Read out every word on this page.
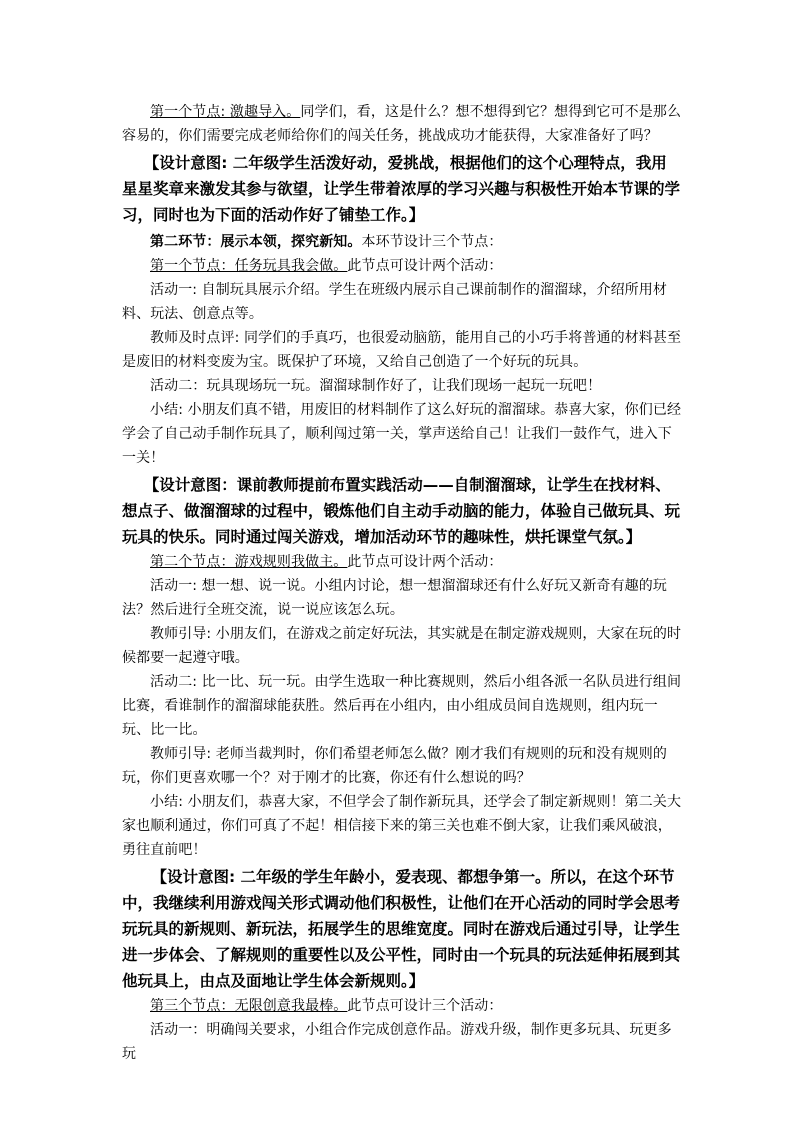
第一个节点: 激趣导入。同学们，看，这是什么？想不想得到它？想得到它可不是那么容易的，你们需要完成老师给你们的闯关任务，挑战成功才能获得，大家准备好了吗？

【设计意图: 二年级学生活泼好动，爱挑战，根据他们的这个心理特点，我用星星奖章来激发其参与欲望，让学生带着浓厚的学习兴趣与积极性开始本节课的学习，同时也为下面的活动作好了铺垫工作。】

第二环节：展示本领，探究新知。本环节设计三个节点：

第一个节点：任务玩具我会做。此节点可设计两个活动：

活动一: 自制玩具展示介绍。学生在班级内展示自己课前制作的溜溜球，介绍所用材料、玩法、创意点等。

教师及时点评: 同学们的手真巧，也很爱动脑筋，能用自己的小巧手将普通的材料甚至是废旧的材料变废为宝。既保护了环境，又给自己创造了一个好玩的玩具。

活动二：玩具现场玩一玩。溜溜球制作好了，让我们现场一起玩一玩吧！

小结: 小朋友们真不错，用废旧的材料制作了这么好玩的溜溜球。恭喜大家，你们已经学会了自己动手制作玩具了，顺利闯过第一关，掌声送给自己！让我们一鼓作气，进入下一关！

【设计意图：课前教师提前布置实践活动——自制溜溜球，让学生在找材料、想点子、做溜溜球的过程中，锻炼他们自主动手动脑的能力，体验自己做玩具、玩玩具的快乐。同时通过闯关游戏，增加活动环节的趣味性，烘托课堂气氛。】

第二个节点：游戏规则我做主。此节点可设计两个活动：

活动一: 想一想、说一说。小组内讨论，想一想溜溜球还有什么好玩又新奇有趣的玩法？然后进行全班交流，说一说应该怎么玩。

教师引导: 小朋友们，在游戏之前定好玩法，其实就是在制定游戏规则，大家在玩的时候都要一起遵守哦。

活动二: 比一比、玩一玩。由学生选取一种比赛规则，然后小组各派一名队员进行组间比赛，看谁制作的溜溜球能获胜。然后再在小组内，由小组成员间自选规则，组内玩一玩、比一比。

教师引导: 老师当裁判时，你们希望老师怎么做？刚才我们有规则的玩和没有规则的玩，你们更喜欢哪一个？对于刚才的比赛，你还有什么想说的吗？

小结: 小朋友们，恭喜大家，不但学会了制作新玩具，还学会了制定新规则！第二关大家也顺利通过，你们可真了不起！相信接下来的第三关也难不倒大家，让我们乘风破浪，勇往直前吧！

【设计意图: 二年级的学生年龄小，爱表现、都想争第一。所以，在这个环节中，我继续利用游戏闯关形式调动他们积极性，让他们在开心活动的同时学会思考玩玩具的新规则、新玩法，拓展学生的思维宽度。同时在游戏后通过引导，让学生进一步体会、了解规则的重要性以及公平性，同时由一个玩具的玩法延伸拓展到其他玩具上，由点及面地让学生体会新规则。】

第三个节点：无限创意我最棒。此节点可设计三个活动：

活动一：明确闯关要求，小组合作完成创意作品。游戏升级，制作更多玩具、玩更多玩
